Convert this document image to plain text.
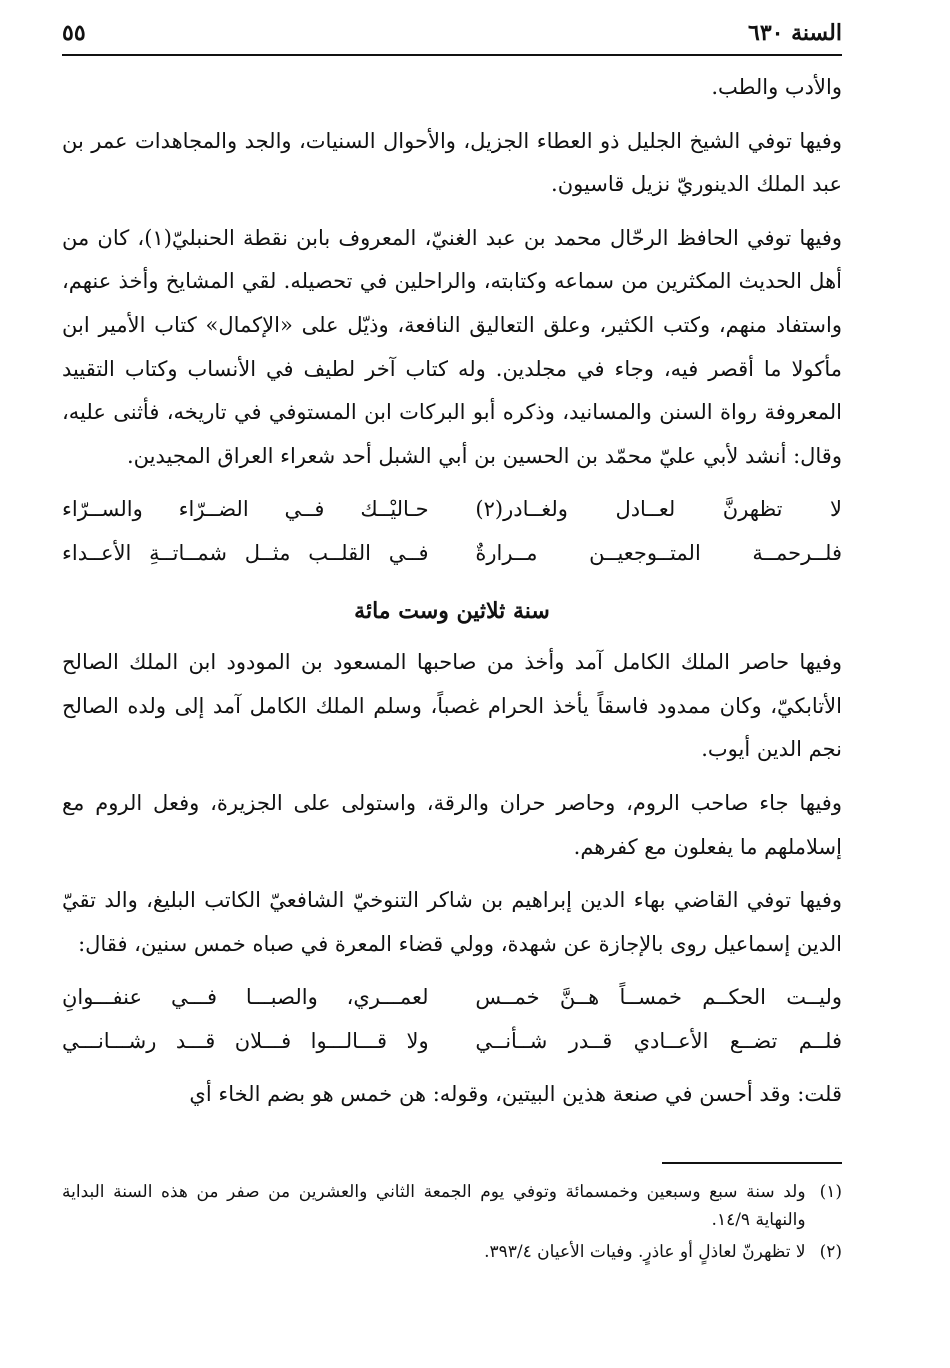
السنة ٦٣٠
٥٥

والأدب والطب.

وفيها توفي الشيخ الجليل ذو العطاء الجزيل، والأحوال السنيات، والجد والمجاهدات عمر بن عبد الملك الدينوريّ نزيل قاسيون.

وفيها توفي الحافظ الرحّال محمد بن عبد الغنيّ، المعروف بابن نقطة الحنبليّ(١)، كان من أهل الحديث المكثرين من سماعه وكتابته، والراحلين في تحصيله. لقي المشايخ وأخذ عنهم، واستفاد منهم، وكتب الكثير، وعلق التعاليق النافعة، وذيّل على «الإكمال» كتاب الأمير ابن مأكولا ما أقصر فيه، وجاء في مجلدين. وله كتاب آخر لطيف في الأنساب وكتاب التقييد المعروفة رواة السنن والمسانيد، وذكره أبو البركات ابن المستوفي في تاريخه، فأثنى عليه، وقال: أنشد لأبي عليّ محمّد بن الحسين بن أبي الشبل أحد شعراء العراق المجيدين.

لا تظهرنَّ لعــادل ولغــادر(٢)
حـاليْــك فــي الضــرّاء والســرّاء
فلــرحمــة المتــوجعيــن مــرارةٌ
فــي القلــب مثــل شمــاتــةِ الأعــداء
سنة ثلاثين وست مائة

وفيها حاصر الملك الكامل آمد وأخذ من صاحبها المسعود بن المودود ابن الملك الصالح الأتابكيّ، وكان ممدود فاسقاً يأخذ الحرام غصباً، وسلم الملك الكامل آمد إلى ولده الصالح نجم الدين أيوب.

وفيها جاء صاحب الروم، وحاصر حران والرقة، واستولى على الجزيرة، وفعل الروم مع إسلاملهم ما يفعلون مع كفرهم.

وفيها توفي القاضي بهاء الدين إبراهيم بن شاكر التنوخيّ الشافعيّ الكاتب البليغ، والد تقيّ الدين إسماعيل روى بالإجازة عن شهدة، وولي قضاء المعرة في صباه خمس سنين، فقال:

وليــت الحكــم خمســاً هــنَّ خمــس
لعمـــري، والصبـــا فـــي عنفـــوانِ
فلــم تضــع الأعــادي قــدر شــأنــي
ولا قـــالـــوا فـــلان قـــد رشـــانـــي

قلت: وقد أحسن في صنعة هذين البيتين، وقوله: هن خمس هو بضم الخاء أي

(١)
ولد سنة سبع وسبعين وخمسمائة وتوفي يوم الجمعة الثاني والعشرين من صفر من هذه السنة البداية والنهاية ١٤/٩.
(٢)
لا تظهرنّ لعاذلٍ أو عاذرٍ. وفيات الأعيان ٣٩٣/٤.
